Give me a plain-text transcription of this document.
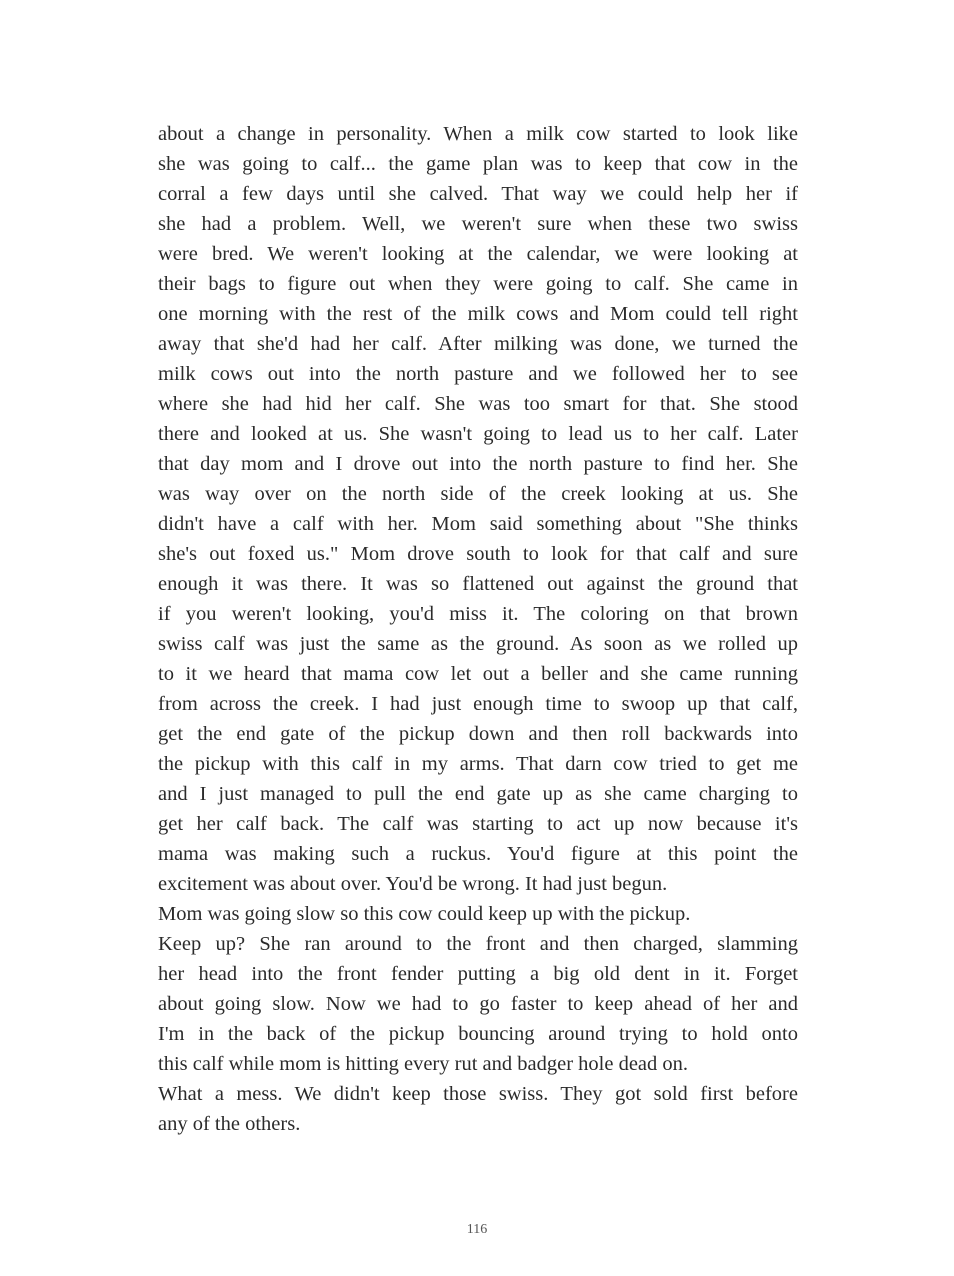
about a change in personality. When a milk cow started to look like
she was going to calf... the game plan was to keep that cow in the
corral a few days until she calved. That way we could help her if
she had a problem. Well, we weren't sure when these two swiss
were bred. We weren't looking at the calendar, we were looking at
their bags to figure out when they were going to calf. She came in
one morning with the rest of the milk cows and Mom could tell right
away that she'd had her calf. After milking was done, we turned the
milk cows out into the north pasture and we followed her to see
where she had hid her calf. She was too smart for that. She stood
there and looked at us. She wasn't going to lead us to her calf. Later
that day mom and I drove out into the north pasture to find her. She
was way over on the north side of the creek looking at us. She
didn't have a calf with her. Mom said something about "She thinks
she's out foxed us." Mom drove south to look for that calf and sure
enough it was there. It was so flattened out against the ground that
if you weren't looking, you'd miss it. The coloring on that brown
swiss calf was just the same as the ground. As soon as we rolled up
to it we heard that mama cow let out a beller and she came running
from across the creek. I had just enough time to swoop up that calf,
get the end gate of the pickup down and then roll backwards into
the pickup with this calf in my arms. That darn cow tried to get me
and I just managed to pull the end gate up as she came charging to
get her calf back. The calf was starting to act up now because it's
mama was making such a ruckus. You'd figure at this point the
excitement was about over. You'd be wrong. It had just begun.
Mom was going slow so this cow could keep up with the pickup.
Keep up? She ran around to the front and then charged, slamming
her head into the front fender putting a big old dent in it. Forget
about going slow. Now we had to go faster to keep ahead of her and
I'm in the back of the pickup bouncing around trying to hold onto
this calf while mom is hitting every rut and badger hole dead on.
What a mess. We didn't keep those swiss. They got sold first before
any of the others.
116
